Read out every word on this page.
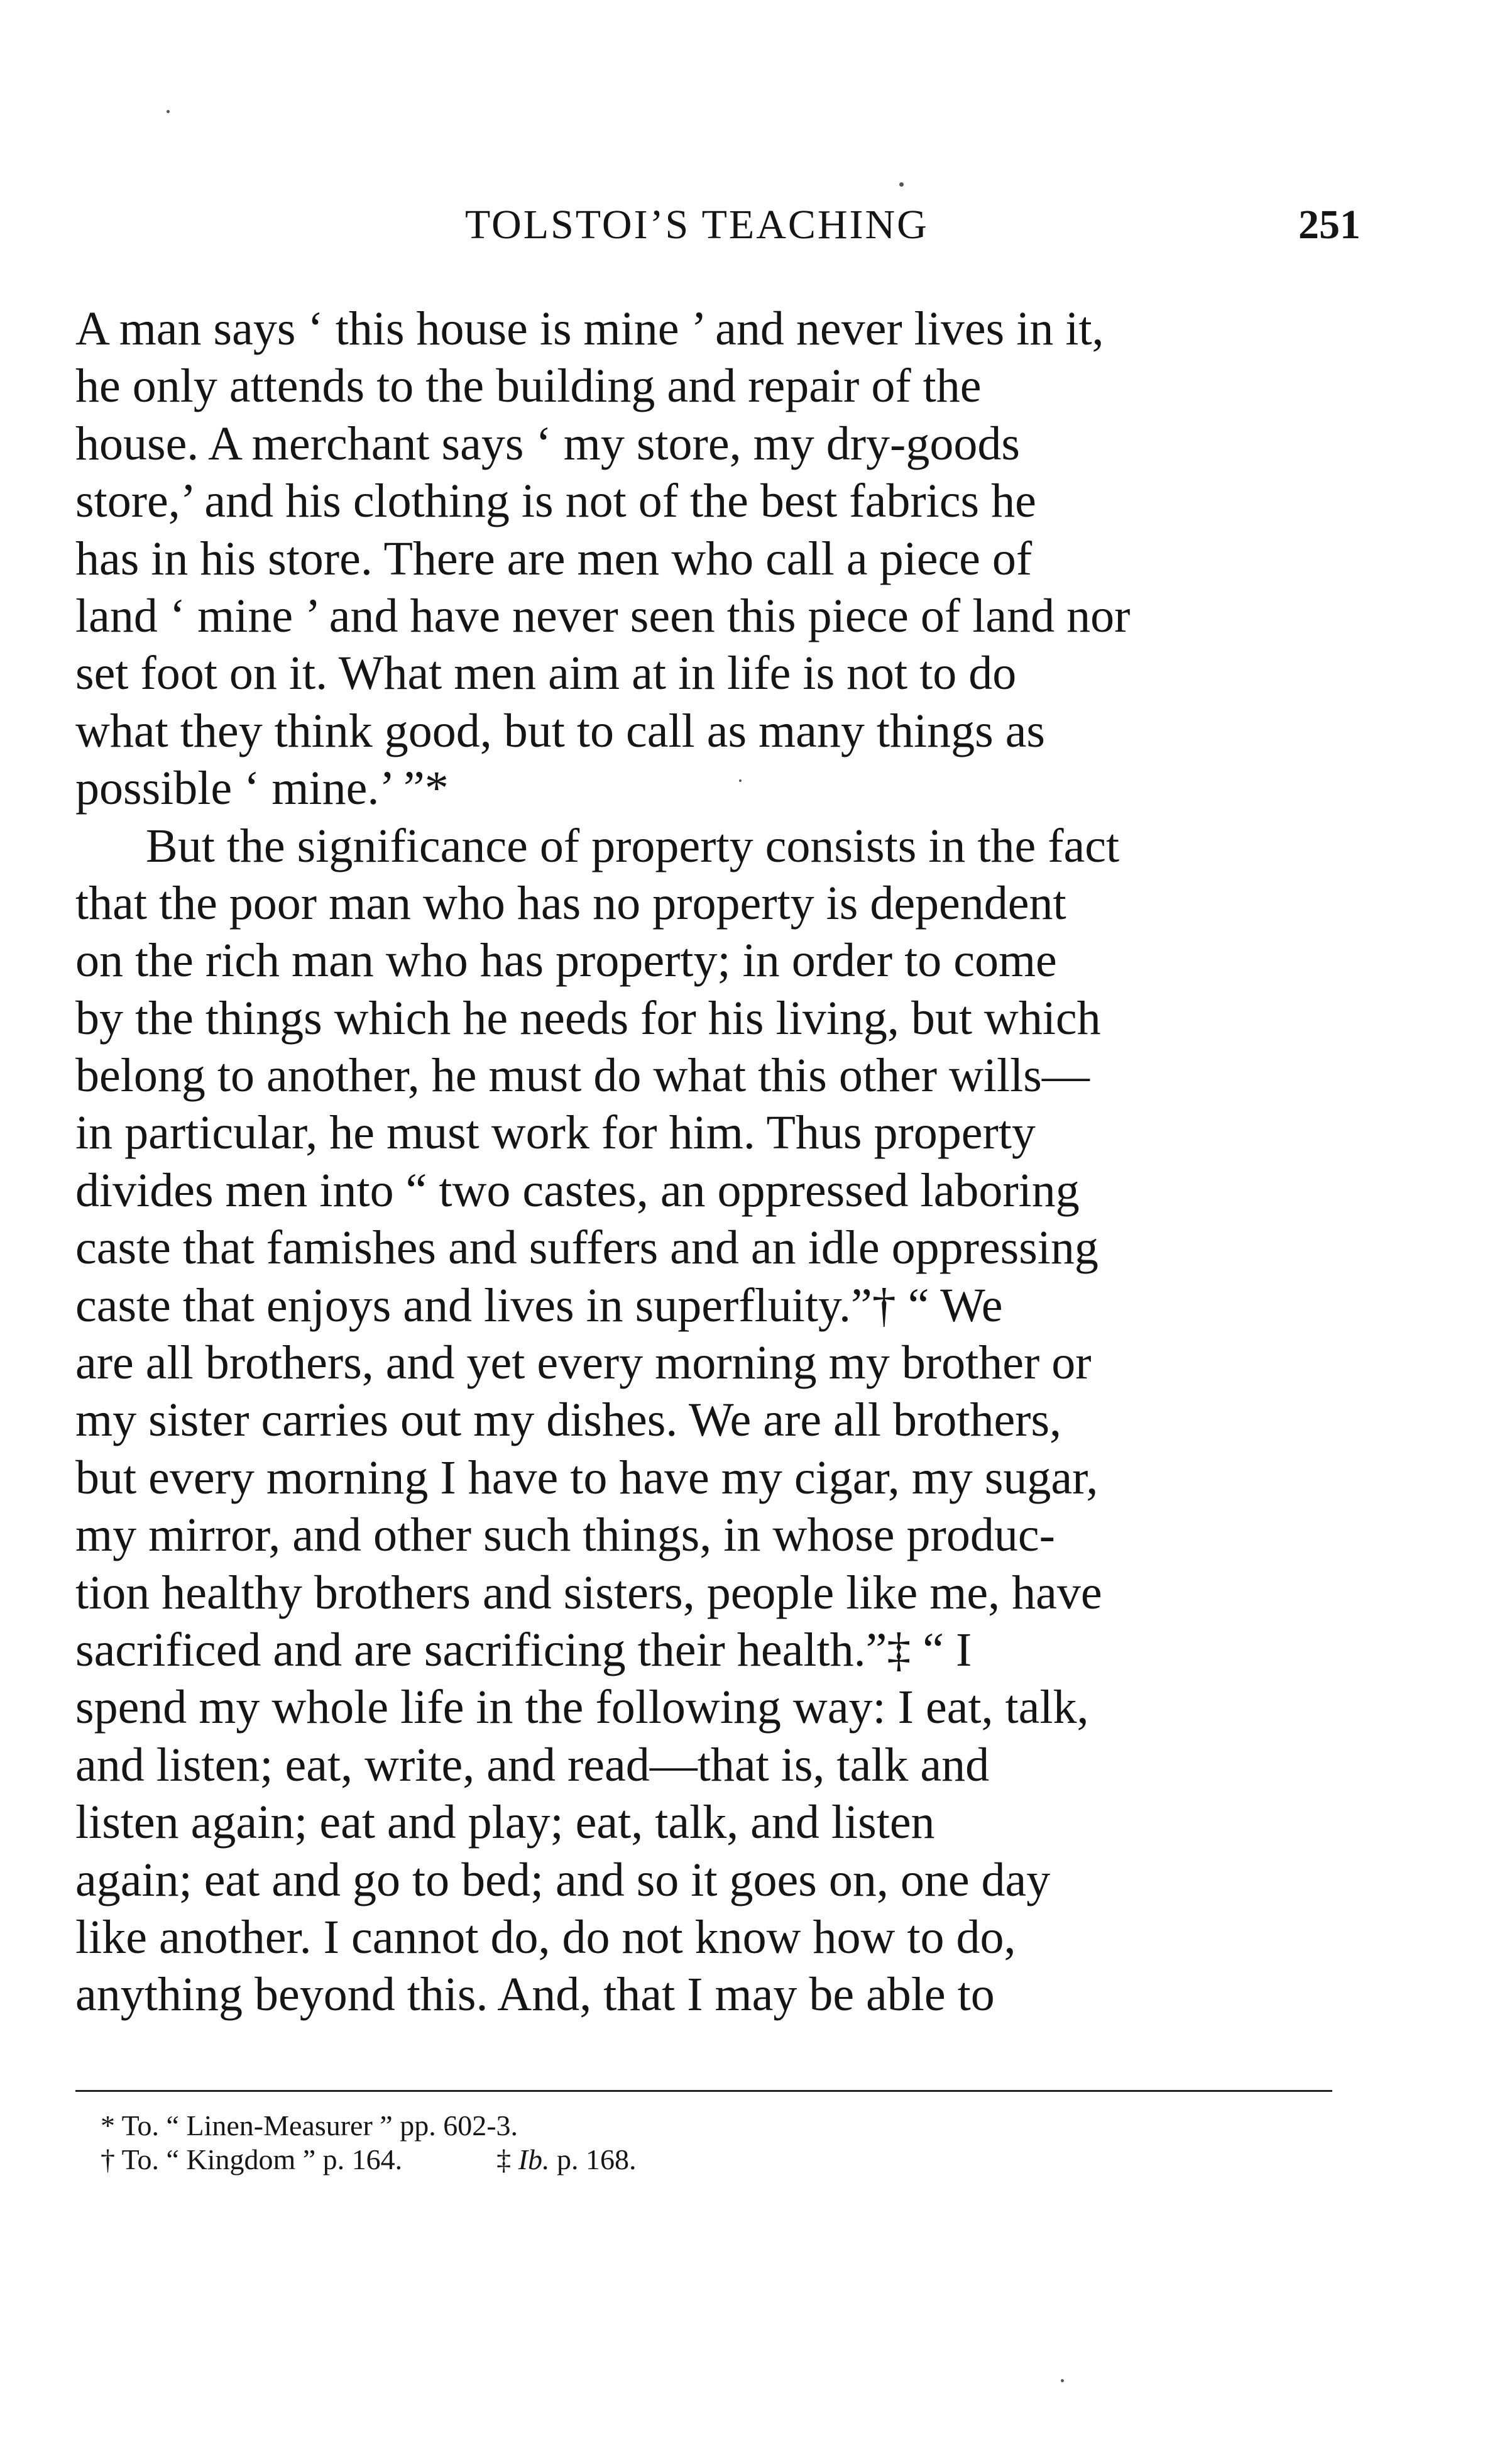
TOLSTOI’S TEACHING	251
A man says ‘ this house is mine ’ and never lives in it,
he only attends to the building and repair of the
house. A merchant says ‘ my store, my dry-goods
store,’ and his clothing is not of the best fabrics he
has in his store. There are men who call a piece of
land ‘ mine ’ and have never seen this piece of land nor
set foot on it. What men aim at in life is not to do
what they think good, but to call as many things as
possible ‘ mine.’ ”*
But the significance of property consists in the fact
that the poor man who has no property is dependent
on the rich man who has property; in order to come
by the things which he needs for his living, but which
belong to another, he must do what this other wills—
in particular, he must work for him. Thus property
divides men into “ two castes, an oppressed laboring
caste that famishes and suffers and an idle oppressing
caste that enjoys and lives in superfluity.”† “ We
are all brothers, and yet every morning my brother or
my sister carries out my dishes. We are all brothers,
but every morning I have to have my cigar, my sugar,
my mirror, and other such things, in whose produc-
tion healthy brothers and sisters, people like me, have
sacrificed and are sacrificing their health.”‡ “ I
spend my whole life in the following way: I eat, talk,
and listen; eat, write, and read—that is, talk and
listen again; eat and play; eat, talk, and listen
again; eat and go to bed; and so it goes on, one day
like another. I cannot do, do not know how to do,
anything beyond this. And, that I may be able to
* To. “ Linen-Measurer ” pp. 602-3.
† To. “ Kingdom ” p. 164.	‡ Ib. p. 168.
